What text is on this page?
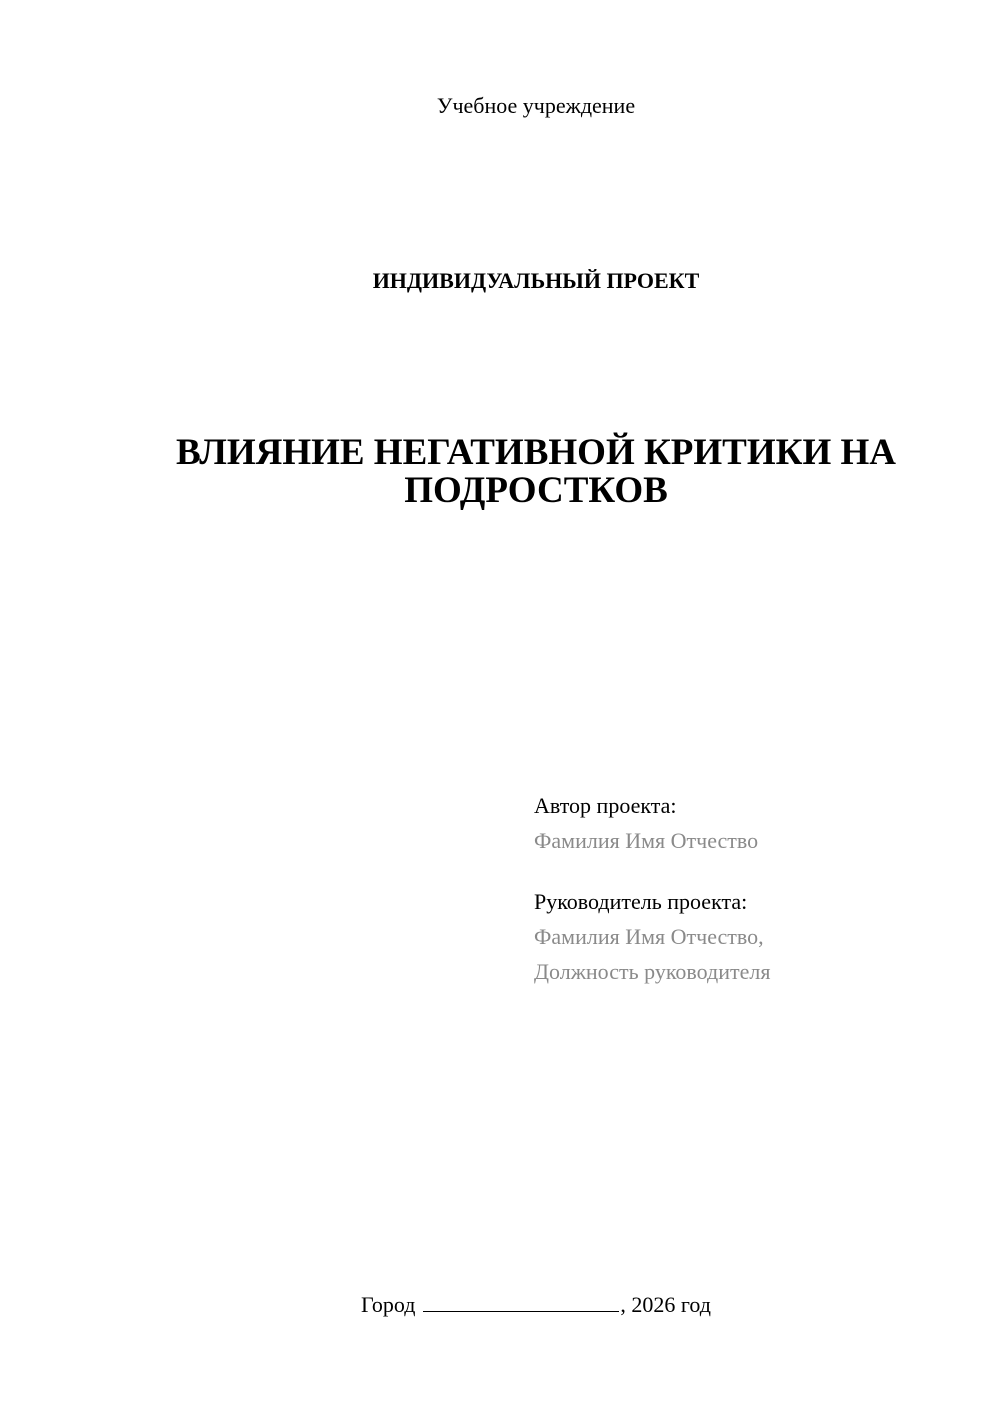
Учебное учреждение

ИНДИВИДУАЛЬНЫЙ ПРОЕКТ

ВЛИЯНИЕ НЕГАТИВНОЙ КРИТИКИ НА
ПОДРОСТКОВ

Автор проекта:

Фамилия Имя Отчество

Руководитель проекта:

Фамилия Имя Отчество,

Должность руководителя

Город	, 2026 год
